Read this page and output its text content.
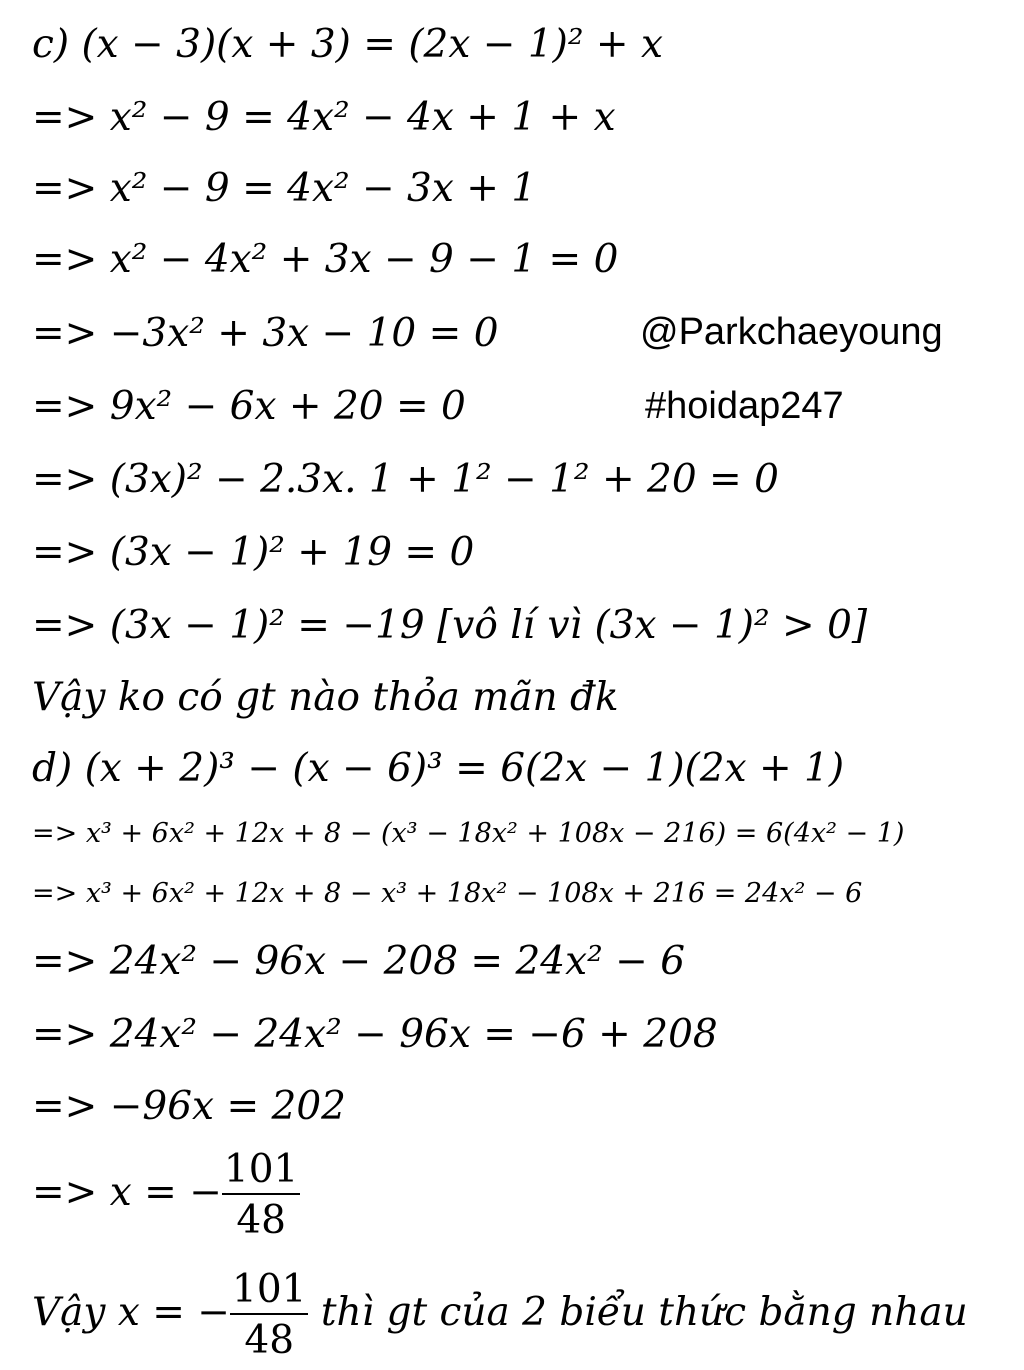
c) (x − 3)(x + 3) = (2x − 1)² + x
=> x² − 9 = 4x² − 4x + 1 + x
=> x² − 9 = 4x² − 3x + 1
=> x² − 4x² + 3x − 9 − 1 = 0
=> −3x² + 3x − 10 = 0
=> 9x² − 6x + 20 = 0
=> (3x)² − 2.3x. 1 + 1² − 1² + 20 = 0
=> (3x − 1)² + 19 = 0
=> (3x − 1)² = −19 [vô lí vì (3x − 1)² > 0]
Vậy ko có gt nào thỏa mãn đk
@Parkchaeyoung
#hoidap247
d) (x + 2)³ − (x − 6)³ = 6(2x − 1)(2x + 1)
=> x³ + 6x² + 12x + 8 − (x³ − 18x² + 108x − 216) = 6(4x² − 1)
=> x³ + 6x² + 12x + 8 − x³ + 18x² − 108x + 216 = 24x² − 6
=> 24x² − 96x − 208 = 24x² − 6
=> 24x² − 24x² − 96x = −6 + 208
=> −96x = 202
=> x = − $\frac{101}{48}$
Vậy x = − $\frac{101}{48}$ thì gt của 2 biểu thức bằng nhau
